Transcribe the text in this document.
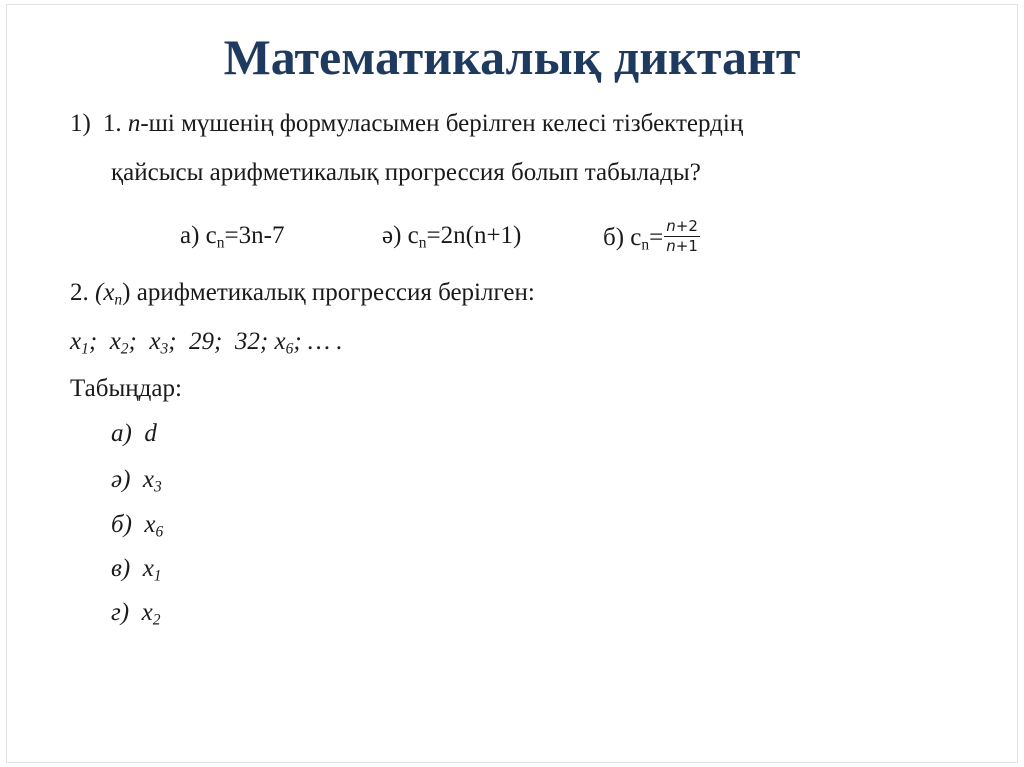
Математикалық диктант
1) 1. n-ші мүшенің формуласымен берілген келесі тізбектердің
қайсысы арифметикалық прогрессия болып табылады?
а) $c_n=3n-7$	ә) $c_n=2n(n+1)$	б) $c_n= \frac{n+2}{n+1}$
2. $(x_n)$ арифметикалық прогрессия берілген:
$x_1$;  $x_2$;  $x_3$;  29;  32; $x_6$; … .
Табыңдар:
а) d
ә) $x_3$
б) $x_6$
в) $x_1$
г) $x_2$
